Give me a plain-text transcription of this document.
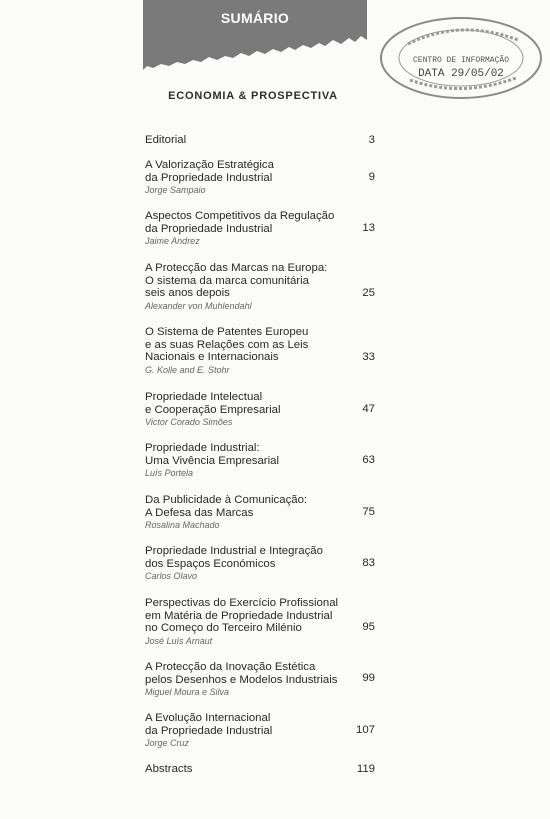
SUMÁRIO
CENTRO DE INFORMAÇÃO
DATA 29/05/02
ECONOMIA & PROSPECTIVA
Editorial	3
A Valorização Estratégica
da Propriedade Industrial
Jorge Sampaio
9
Aspectos Competitivos da Regulação
da Propriedade Industrial
Jaime Andrez
13
A Protecção das Marcas na Europa:
O sistema da marca comunitária
seis anos depois
Alexander von Muhlendahl
25
O Sistema de Patentes Europeu
e as suas Relações com as Leis
Nacionais e Internacionais
G. Kolle and E. Stohr
33
Propriedade Intelectual
e Cooperação Empresarial
Victor Corado Simões
47
Propriedade Industrial:
Uma Vivência Empresarial
Luís Portela
63
Da Publicidade à Comunicação:
A Defesa das Marcas
Rosalina Machado
75
Propriedade Industrial e Integração
dos Espaços Económicos
Carlos Olavo
83
Perspectivas do Exercício Profissional
em Matéria de Propriedade Industrial
no Começo do Terceiro Milénio
José Luís Arnaut
95
A Protecção da Inovação Estética
pelos Desenhos e Modelos Industriais
Miguel Moura e Silva
99
A Evolução Internacional
da Propriedade Industrial
Jorge Cruz
107
Abstracts	119
